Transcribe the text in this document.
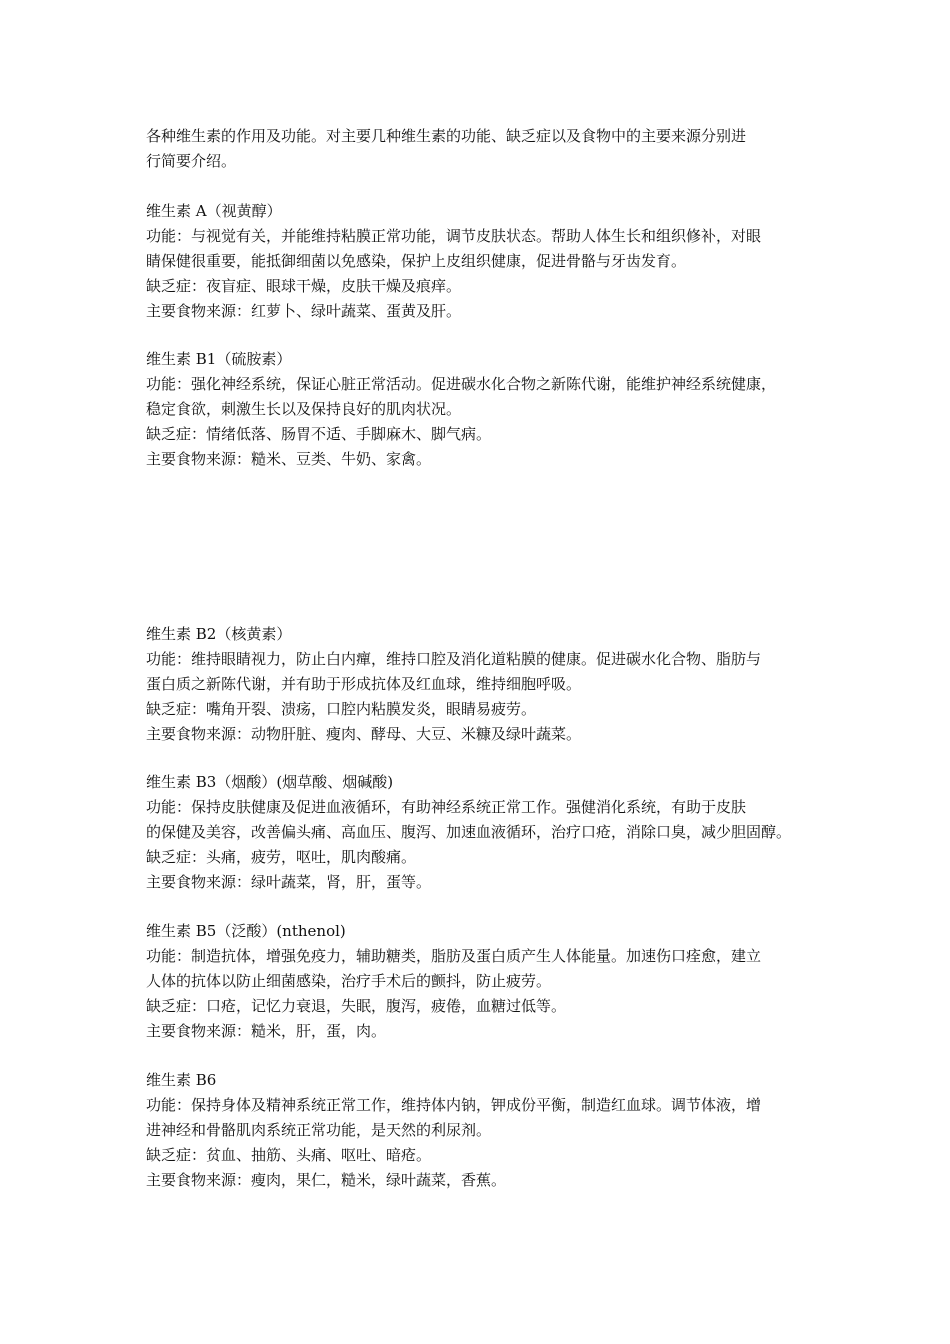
各种维生素的作用及功能。对主要几种维生素的功能、缺乏症以及食物中的主要来源分别进
行简要介绍。
维生素 A（视黄醇）
功能：与视觉有关，并能维持粘膜正常功能，调节皮肤状态。帮助人体生长和组织修补，对眼
睛保健很重要，能抵御细菌以免感染，保护上皮组织健康，促进骨骼与牙齿发育。
缺乏症：夜盲症、眼球干燥，皮肤干燥及痕痒。
主要食物来源：红萝卜、绿叶蔬菜、蛋黄及肝。
维生素 B1（硫胺素）
功能：强化神经系统，保证心脏正常活动。促进碳水化合物之新陈代谢，能维护神经系统健康，
稳定食欲，刺激生长以及保持良好的肌肉状况。
缺乏症：情绪低落、肠胃不适、手脚麻木、脚气病。
主要食物来源：糙米、豆类、牛奶、家禽。
维生素 B2（核黄素）
功能：维持眼睛视力，防止白内癉，维持口腔及消化道粘膜的健康。促进碳水化合物、脂肪与
蛋白质之新陈代谢，并有助于形成抗体及红血球，维持细胞呼吸。
缺乏症：嘴角开裂、溃疡，口腔内粘膜发炎，眼睛易疲劳。
主要食物来源：动物肝脏、瘦肉、酵母、大豆、米糠及绿叶蔬菜。
维生素 B3（烟酸）(烟草酸、烟碱酸)
功能：保持皮肤健康及促进血液循环，有助神经系统正常工作。强健消化系统，有助于皮肤
的保健及美容，改善偏头痛、高血压、腹泻、加速血液循环，治疗口疮，消除口臭，减少胆固醇。
缺乏症：头痛，疲劳，呕吐，肌肉酸痛。
主要食物来源：绿叶蔬菜，肾，肝，蛋等。
维生素 B5（泛酸）(nthenol)
功能：制造抗体，增强免疫力，辅助糖类，脂肪及蛋白质产生人体能量。加速伤口痊愈，建立
人体的抗体以防止细菌感染，治疗手术后的颤抖，防止疲劳。
缺乏症：口疮，记忆力衰退，失眠，腹泻，疲倦，血糖过低等。
主要食物来源：糙米，肝，蛋，肉。
维生素 B6
功能：保持身体及精神系统正常工作，维持体内钠，钾成份平衡，制造红血球。调节体液，增
进神经和骨骼肌肉系统正常功能，是天然的利尿剂。
缺乏症：贫血、抽筋、头痛、呕吐、暗疮。
主要食物来源：瘦肉，果仁，糙米，绿叶蔬菜，香蕉。
